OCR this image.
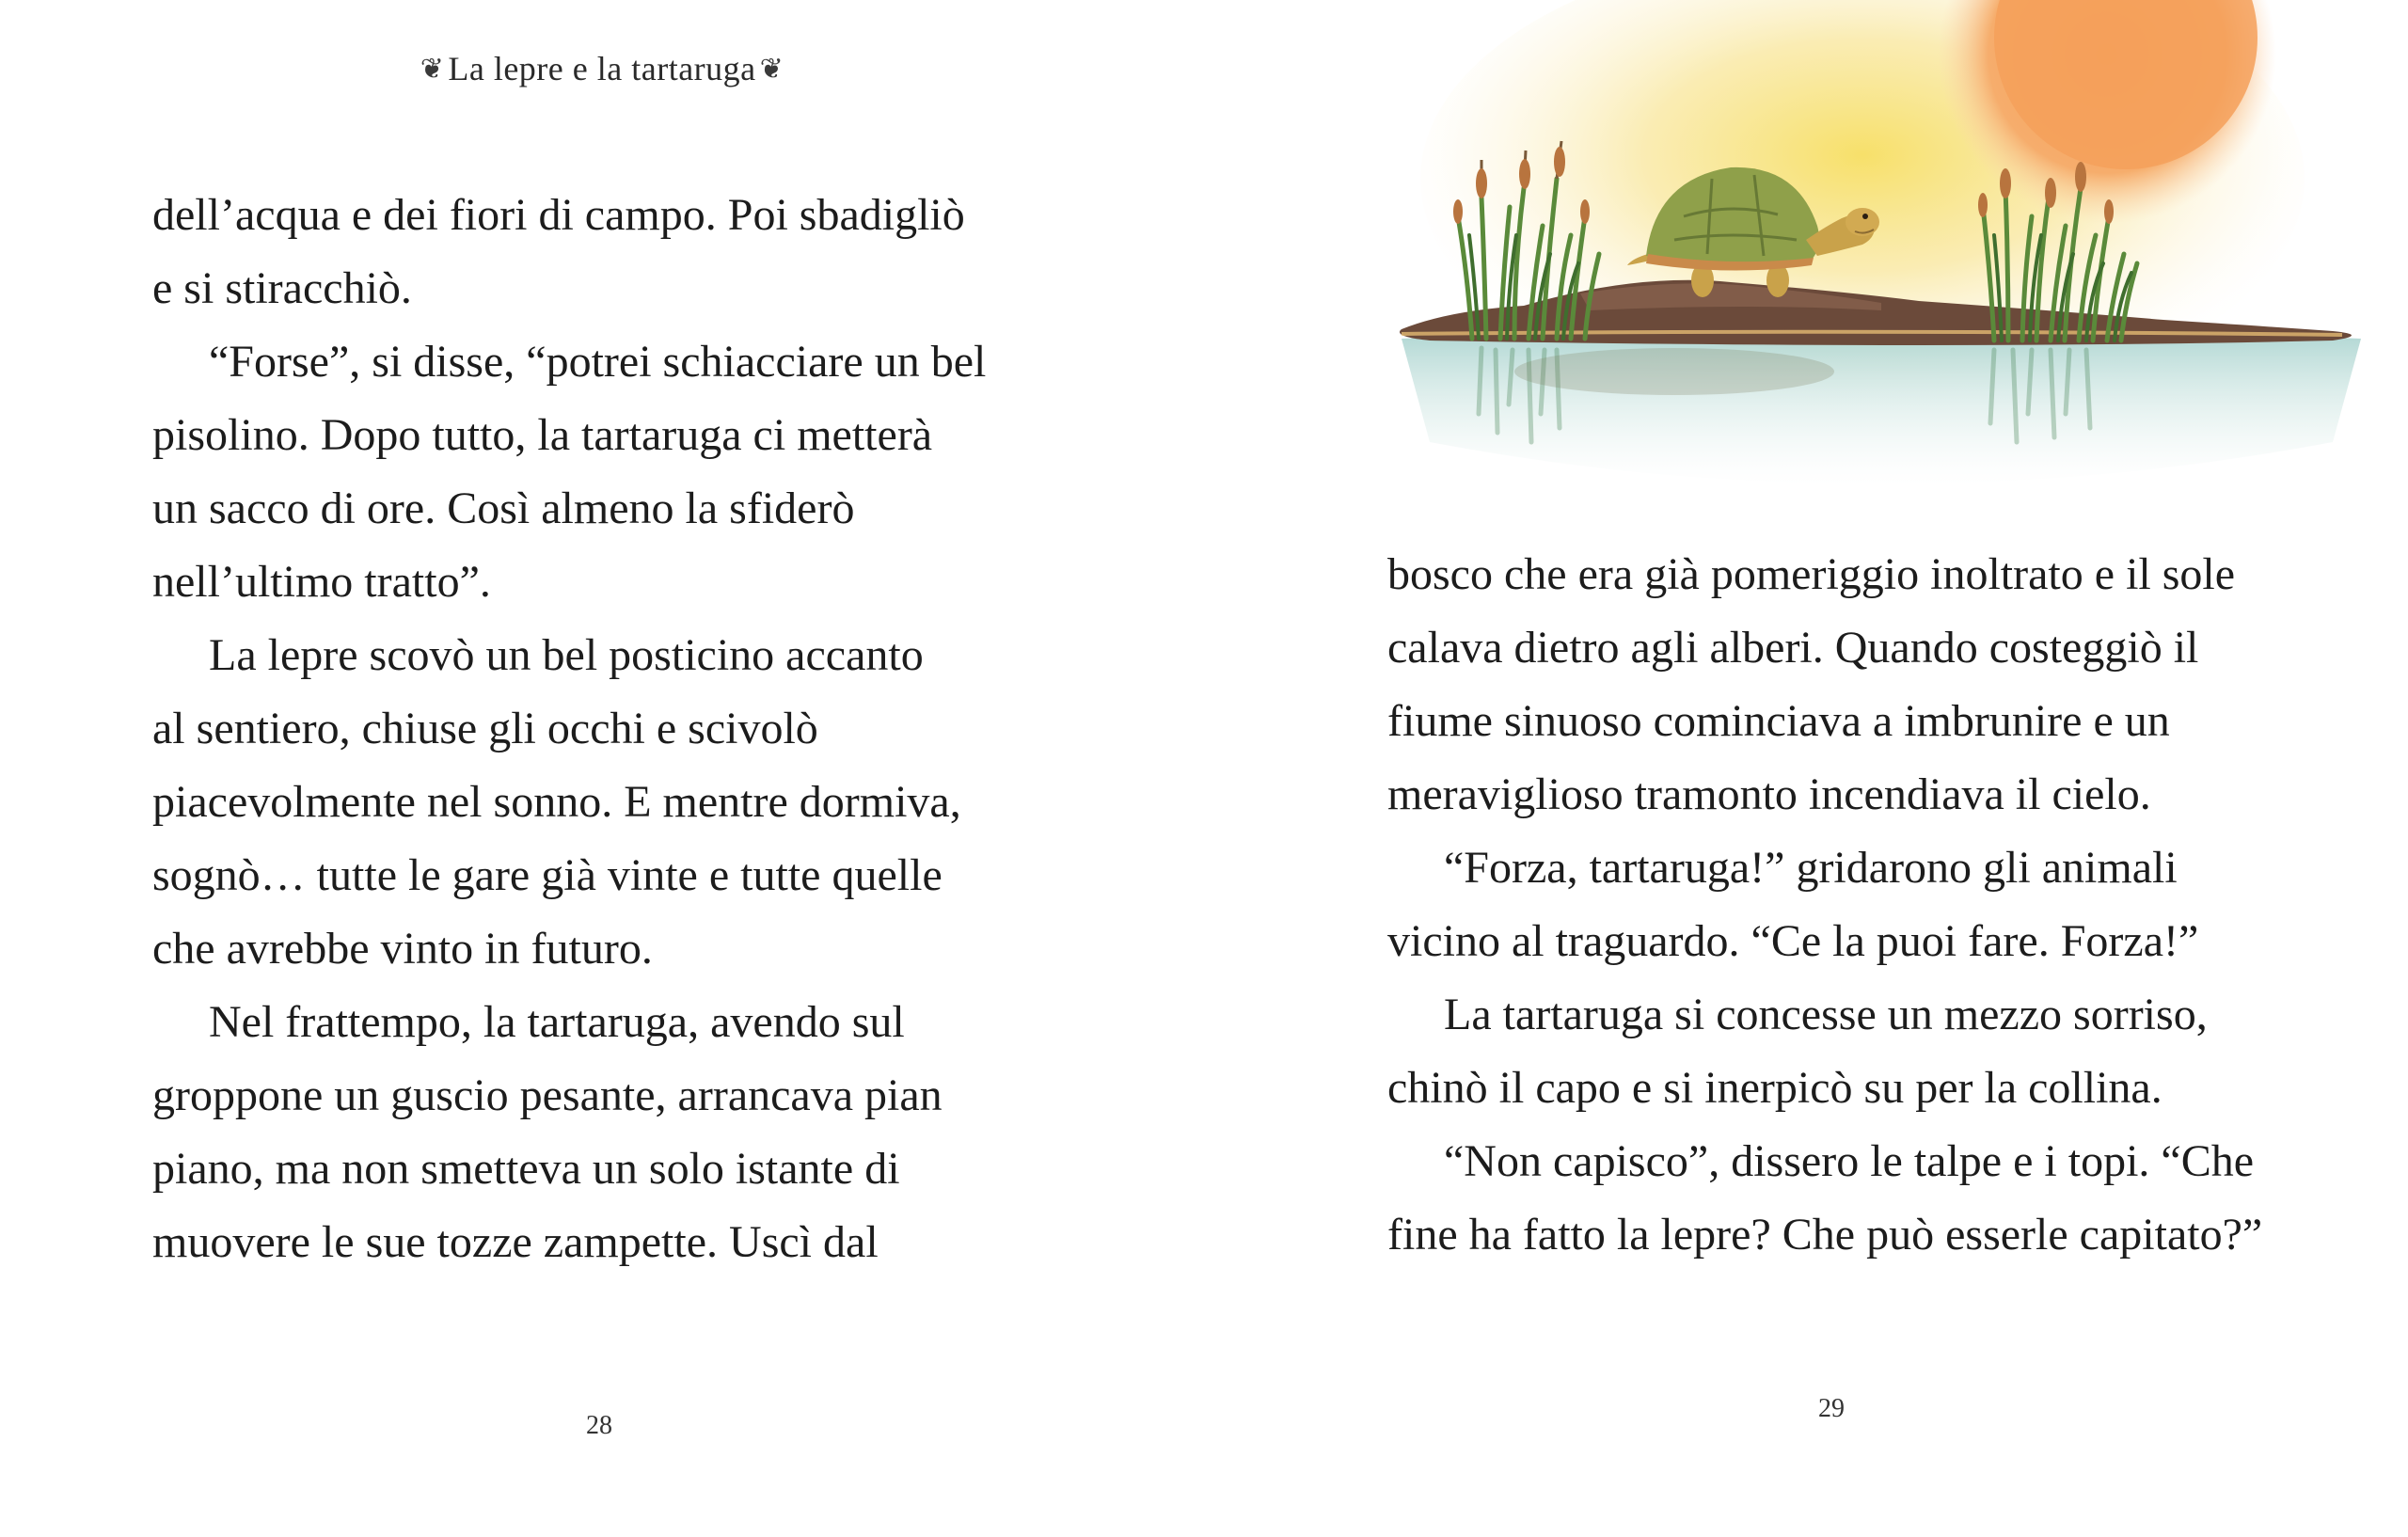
❦ La lepre e la tartaruga ❦
dell’acqua e dei fiori di campo. Poi sbadigliò
e si stiracchiò.
“Forse”, si disse, “potrei schiacciare un bel
pisolino. Dopo tutto, la tartaruga ci metterà
un sacco di ore. Così almeno la sfiderò
nell’ultimo tratto”.
La lepre scovò un bel posticino accanto
al sentiero, chiuse gli occhi e scivolò
piacevolmente nel sonno. E mentre dormiva,
sognò… tutte le gare già vinte e tutte quelle
che avrebbe vinto in futuro.
Nel frattempo, la tartaruga, avendo sul
groppone un guscio pesante, arrancava pian
piano, ma non smetteva un solo istante di
muovere le sue tozze zampette. Uscì dal
28
bosco che era già pomeriggio inoltrato e il sole
calava dietro agli alberi. Quando costeggiò il
fiume sinuoso cominciava a imbrunire e un
meraviglioso tramonto incendiava il cielo.
“Forza, tartaruga!” gridarono gli animali
vicino al traguardo. “Ce la puoi fare. Forza!”
La tartaruga si concesse un mezzo sorriso,
chinò il capo e si inerpicò su per la collina.
“Non capisco”, dissero le talpe e i topi. “Che
fine ha fatto la lepre? Che può esserle capitato?”
29
